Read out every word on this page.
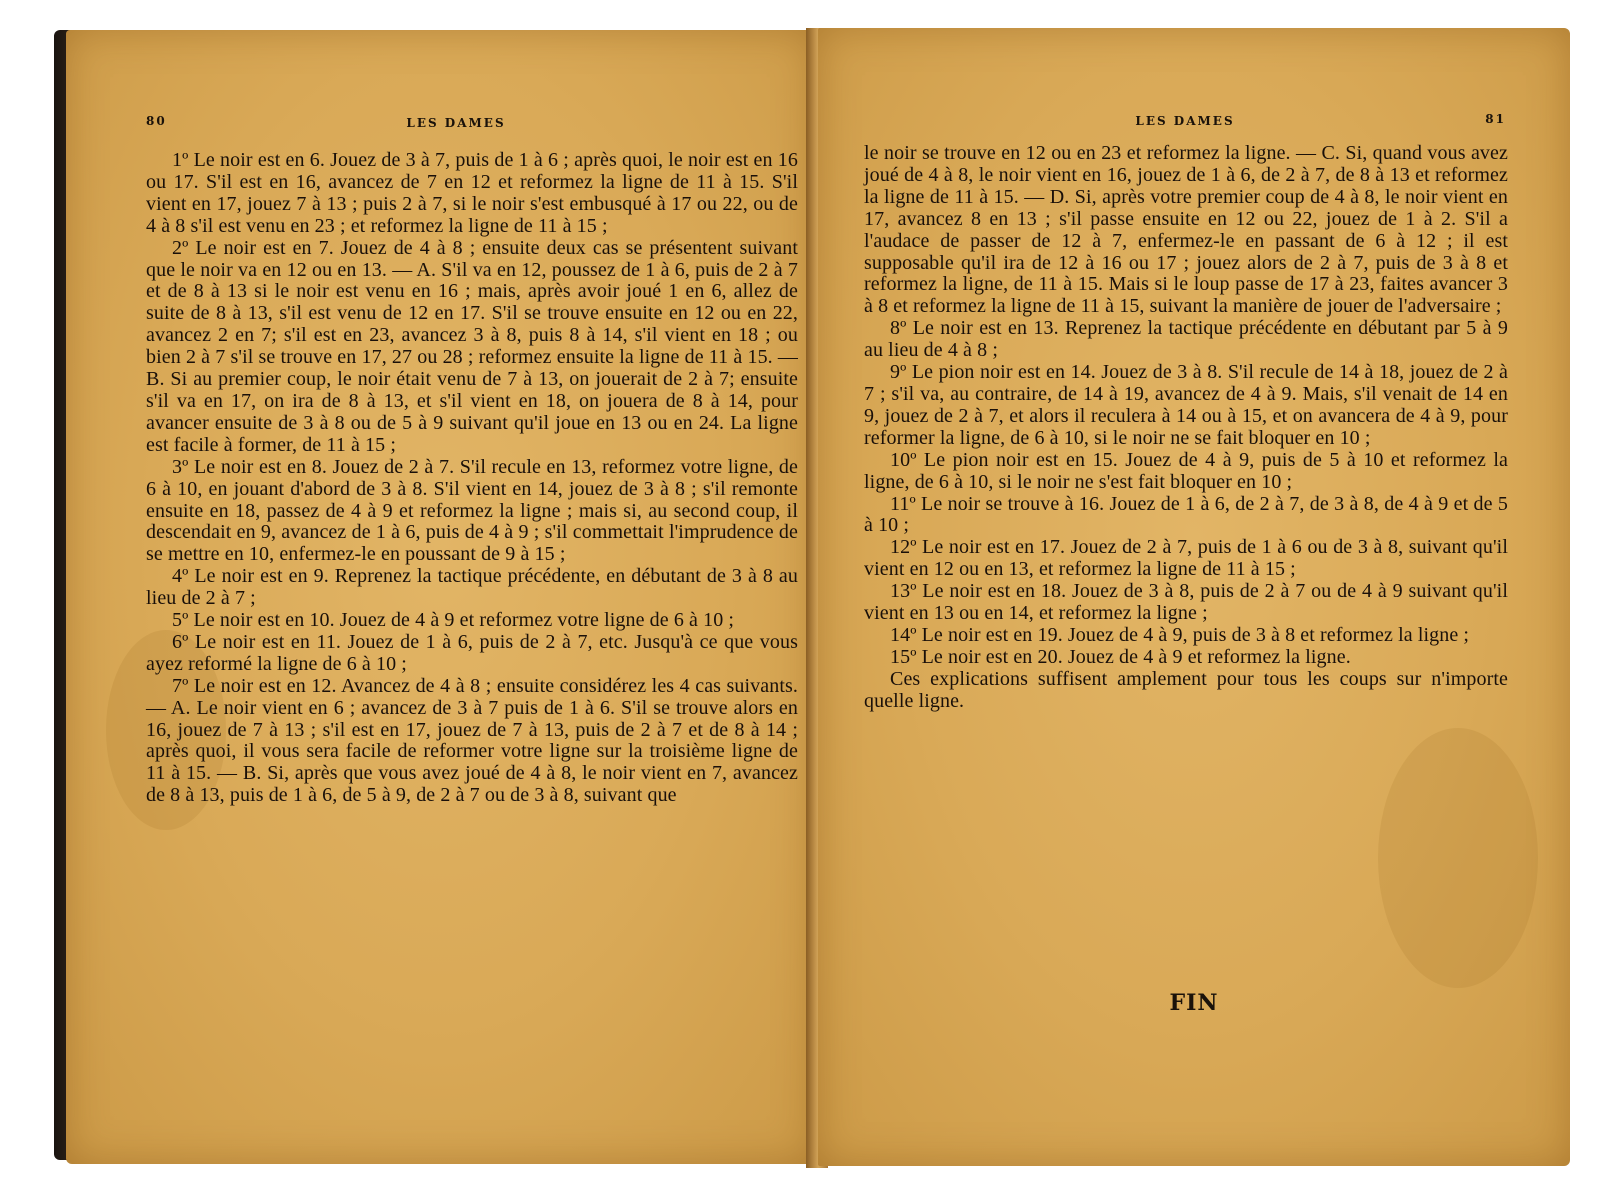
80	LES DAMES

1º Le noir est en 6. Jouez de 3 à 7, puis de 1 à 6 ; après quoi, le noir est en 16 ou 17. S'il est en 16, avancez de 7 en 12 et reformez la ligne de 11 à 15. S'il vient en 17, jouez 7 à 13 ; puis 2 à 7, si le noir s'est embusqué à 17 ou 22, ou de 4 à 8 s'il est venu en 23 ; et reformez la ligne de 11 à 15 ;

2º Le noir est en 7. Jouez de 4 à 8 ; ensuite deux cas se présentent suivant que le noir va en 12 ou en 13. — A. S'il va en 12, poussez de 1 à 6, puis de 2 à 7 et de 8 à 13 si le noir est venu en 16 ; mais, après avoir joué 1 en 6, allez de suite de 8 à 13, s'il est venu de 12 en 17. S'il se trouve ensuite en 12 ou en 22, avancez 2 en 7; s'il est en 23, avancez 3 à 8, puis 8 à 14, s'il vient en 18 ; ou bien 2 à 7 s'il se trouve en 17, 27 ou 28 ; reformez ensuite la ligne de 11 à 15. — B. Si au premier coup, le noir était venu de 7 à 13, on jouerait de 2 à 7; ensuite s'il va en 17, on ira de 8 à 13, et s'il vient en 18, on jouera de 8 à 14, pour avancer ensuite de 3 à 8 ou de 5 à 9 suivant qu'il joue en 13 ou en 24. La ligne est facile à former, de 11 à 15 ;

3º Le noir est en 8. Jouez de 2 à 7. S'il recule en 13, reformez votre ligne, de 6 à 10, en jouant d'abord de 3 à 8. S'il vient en 14, jouez de 3 à 8 ; s'il remonte ensuite en 18, passez de 4 à 9 et reformez la ligne ; mais si, au second coup, il descendait en 9, avancez de 1 à 6, puis de 4 à 9 ; s'il commettait l'imprudence de se mettre en 10, enfermez-le en poussant de 9 à 15 ;

4º Le noir est en 9. Reprenez la tactique précédente, en débutant de 3 à 8 au lieu de 2 à 7 ;

5º Le noir est en 10. Jouez de 4 à 9 et reformez votre ligne de 6 à 10 ;

6º Le noir est en 11. Jouez de 1 à 6, puis de 2 à 7, etc. Jusqu'à ce que vous ayez reformé la ligne de 6 à 10 ;

7º Le noir est en 12. Avancez de 4 à 8 ; ensuite considérez les 4 cas suivants. — A. Le noir vient en 6 ; avancez de 3 à 7 puis de 1 à 6. S'il se trouve alors en 16, jouez de 7 à 13 ; s'il est en 17, jouez de 7 à 13, puis de 2 à 7 et de 8 à 14 ; après quoi, il vous sera facile de reformer votre ligne sur la troisième ligne de 11 à 15. — B. Si, après que vous avez joué de 4 à 8, le noir vient en 7, avancez de 8 à 13, puis de 1 à 6, de 5 à 9, de 2 à 7 ou de 3 à 8, suivant que

LES DAMES	81

le noir se trouve en 12 ou en 23 et reformez la ligne. — C. Si, quand vous avez joué de 4 à 8, le noir vient en 16, jouez de 1 à 6, de 2 à 7, de 8 à 13 et reformez la ligne de 11 à 15. — D. Si, après votre premier coup de 4 à 8, le noir vient en 17, avancez 8 en 13 ; s'il passe ensuite en 12 ou 22, jouez de 1 à 2. S'il a l'audace de passer de 12 à 7, enfermez-le en passant de 6 à 12 ; il est supposable qu'il ira de 12 à 16 ou 17 ; jouez alors de 2 à 7, puis de 3 à 8 et reformez la ligne, de 11 à 15. Mais si le loup passe de 17 à 23, faites avancer 3 à 8 et reformez la ligne de 11 à 15, suivant la manière de jouer de l'adversaire ;

8º Le noir est en 13. Reprenez la tactique précédente en débutant par 5 à 9 au lieu de 4 à 8 ;

9º Le pion noir est en 14. Jouez de 3 à 8. S'il recule de 14 à 18, jouez de 2 à 7 ; s'il va, au contraire, de 14 à 19, avancez de 4 à 9. Mais, s'il venait de 14 en 9, jouez de 2 à 7, et alors il reculera à 14 ou à 15, et on avancera de 4 à 9, pour reformer la ligne, de 6 à 10, si le noir ne se fait bloquer en 10 ;

10º Le pion noir est en 15. Jouez de 4 à 9, puis de 5 à 10 et reformez la ligne, de 6 à 10, si le noir ne s'est fait bloquer en 10 ;

11º Le noir se trouve à 16. Jouez de 1 à 6, de 2 à 7, de 3 à 8, de 4 à 9 et de 5 à 10 ;

12º Le noir est en 17. Jouez de 2 à 7, puis de 1 à 6 ou de 3 à 8, suivant qu'il vient en 12 ou en 13, et reformez la ligne de 11 à 15 ;

13º Le noir est en 18. Jouez de 3 à 8, puis de 2 à 7 ou de 4 à 9 suivant qu'il vient en 13 ou en 14, et reformez la ligne ;

14º Le noir est en 19. Jouez de 4 à 9, puis de 3 à 8 et reformez la ligne ;

15º Le noir est en 20. Jouez de 4 à 9 et reformez la ligne.

Ces explications suffisent amplement pour tous les coups sur n'importe quelle ligne.

FIN
